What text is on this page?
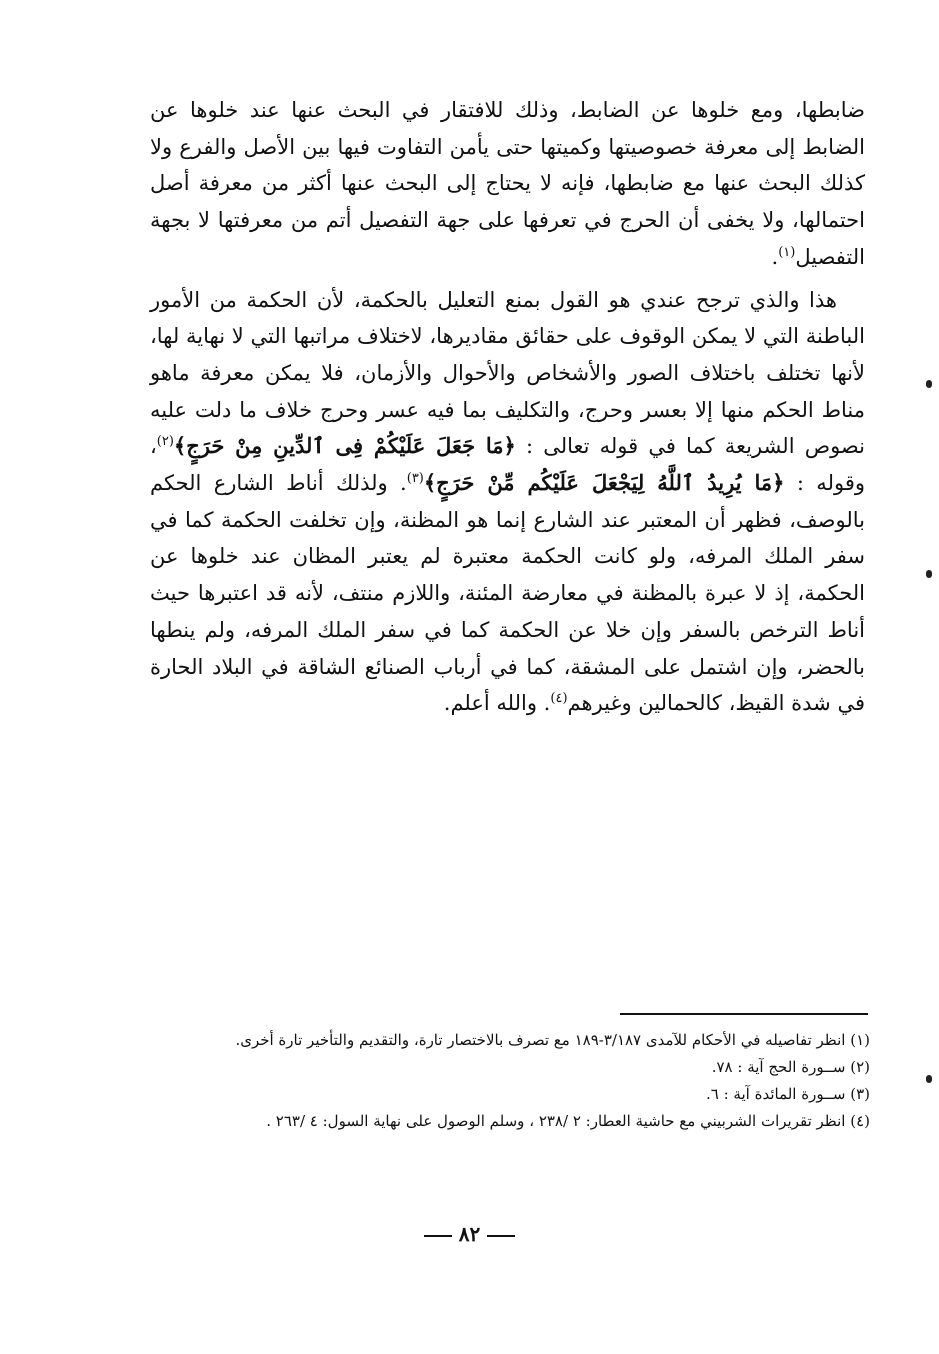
ضابطها، ومع خلوها عن الضابط، وذلك للافتقار في البحث عنها عند خلوها عن الضابط إلى معرفة خصوصيتها وكميتها حتى يأمن التفاوت فيها بين الأصل والفرع ولا كذلك البحث عنها مع ضابطها، فإنه لا يحتاج إلى البحث عنها أكثر من معرفة أصل احتمالها، ولا يخفى أن الحرج في تعرفها على جهة التفصيل أتم من معرفتها لا بجهة التفصيل$^{(١)}$.

هذا والذي ترجح عندي هو القول بمنع التعليل بالحكمة، لأن الحكمة من الأمور الباطنة التي لا يمكن الوقوف على حقائق مقاديرها، لاختلاف مراتبها التي لا نهاية لها، لأنها تختلف باختلاف الصور والأشخاص والأحوال والأزمان، فلا يمكن معرفة ماهو مناط الحكم منها إلا بعسر وحرج، والتكليف بما فيه عسر وحرج خلاف ما دلت عليه نصوص الشريعة كما في قوله تعالى : ﴿مَا جَعَلَ عَلَيْكُمْ فِى ٱلدِّينِ مِنْ حَرَجٍ﴾$^{(٢)}$، وقوله : ﴿مَا يُرِيدُ ٱللَّهُ لِيَجْعَلَ عَلَيْكُم مِّنْ حَرَجٍ﴾$^{(٣)}$. ولذلك أناط الشارع الحكم بالوصف، فظهر أن المعتبر عند الشارع إنما هو المظنة، وإن تخلفت الحكمة كما في سفر الملك المرفه، ولو كانت الحكمة معتبرة لم يعتبر المظان عند خلوها عن الحكمة، إذ لا عبرة بالمظنة في معارضة المئنة، واللازم منتف، لأنه قد اعتبرها حيث أناط الترخص بالسفر وإن خلا عن الحكمة كما في سفر الملك المرفه، ولم ينطها بالحضر، وإن اشتمل على المشقة، كما في أرباب الصنائع الشاقة في البلاد الحارة في شدة القيظ، كالحمالين وغيرهم$^{(٤)}$. والله أعلم.

(١) انظر تفاصيله في الأحكام للآمدى ٣/١٨٧-١٨٩ مع تصرف بالاختصار تارة، والتقديم والتأخير تارة أخرى.

(٢) ســورة الحج آية : ٧٨.

(٣) ســورة المائدة آية : ٦.

(٤) انظر تقريرات الشربيني مع حاشية العطار: ٢ /٢٣٨ ، وسلم الوصول على نهاية السول: ٤ /٢٦٣ .

٨٢
